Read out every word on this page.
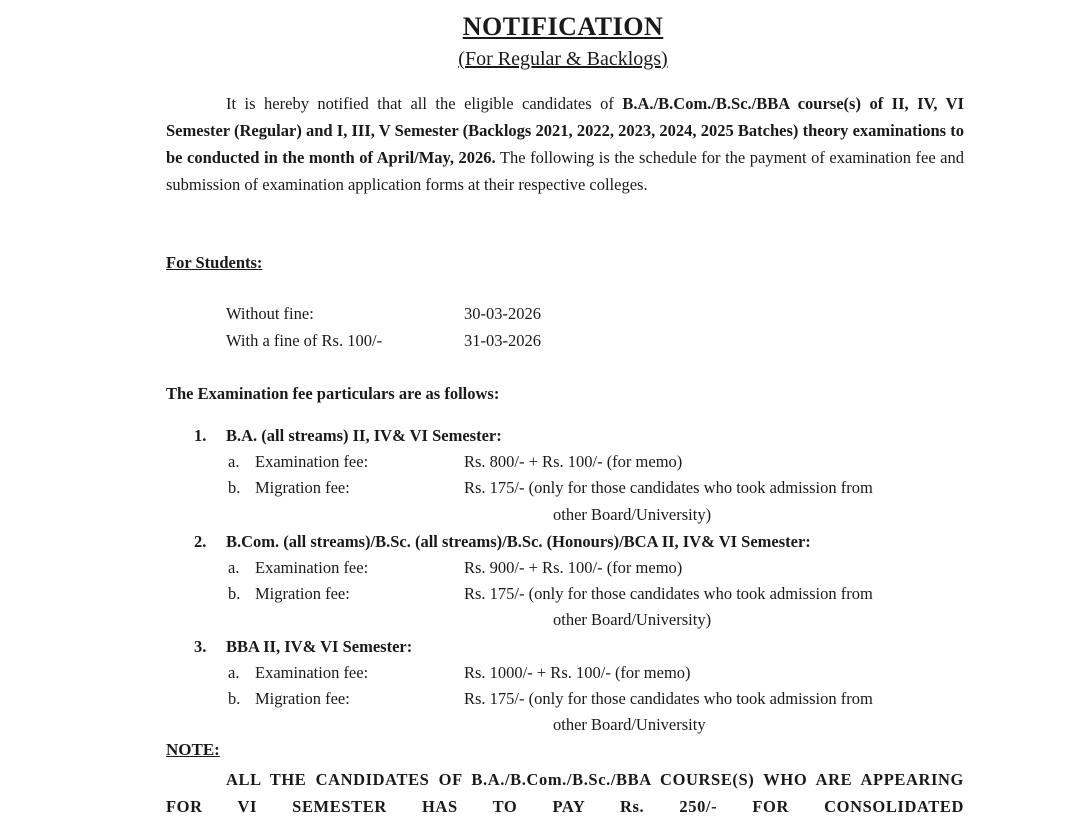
NOTIFICATION
(For Regular & Backlogs)

It is hereby notified that all the eligible candidates of B.A./B.Com./B.Sc./BBA course(s) of II, IV, VI Semester (Regular) and I, III, V Semester (Backlogs 2021, 2022, 2023, 2024, 2025 Batches) theory examinations to be conducted in the month of April/May, 2026. The following is the schedule for the payment of examination fee and submission of examination application forms at their respective colleges.

For Students:
Without fine:	30-03-2026
With a fine of Rs. 100/-	31-03-2026
The Examination fee particulars are as follows:
1. B.A. (all streams) II, IV& VI Semester:
a. Examination fee:	Rs. 800/- + Rs. 100/- (for memo)
b. Migration fee:	Rs. 175/- (only for those candidates who took admission from
other Board/University)
2. B.Com. (all streams)/B.Sc. (all streams)/B.Sc. (Honours)/BCA II, IV& VI Semester:
a. Examination fee:	Rs. 900/- + Rs. 100/- (for memo)
b. Migration fee:	Rs. 175/- (only for those candidates who took admission from
other Board/University)
3. BBA II, IV& VI Semester:
a. Examination fee:	Rs. 1000/- + Rs. 100/- (for memo)
b. Migration fee:	Rs. 175/- (only for those candidates who took admission from
other Board/University
NOTE:

ALL THE CANDIDATES OF B.A./B.Com./B.Sc./BBA COURSE(S) WHO ARE APPEARING FOR VI SEMESTER HAS TO PAY Rs. 250/- FOR CONSOLIDATED
